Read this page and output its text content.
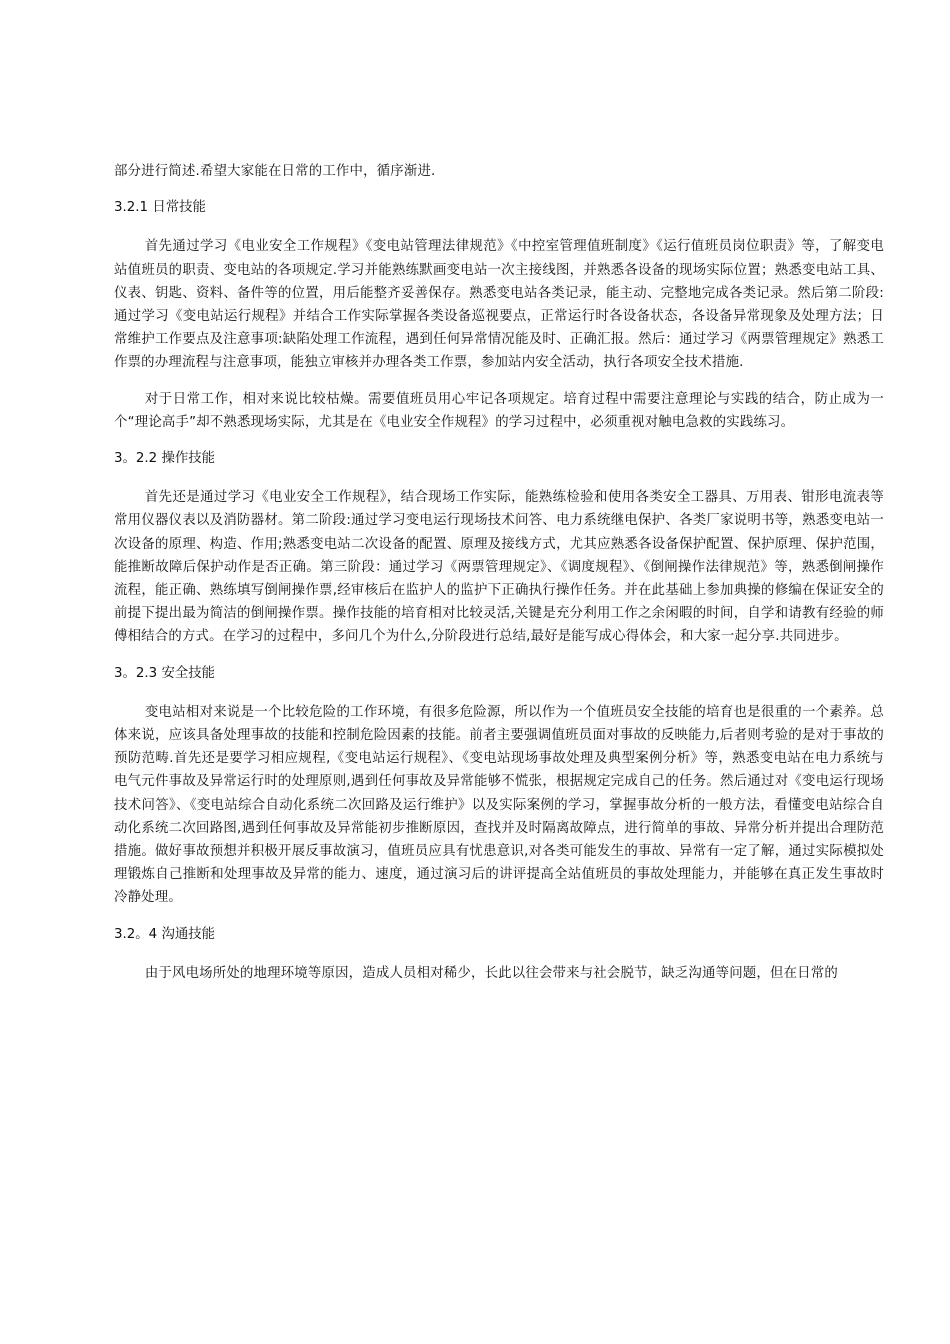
部分进行简述.希望大家能在日常的工作中，循序渐进.

3.2.1 日常技能

首先通过学习《电业安全工作规程》《变电站管理法律规范》《中控室管理值班制度》《运行值班员岗位职责》等，了解变电站值班员的职责、变电站的各项规定.学习并能熟练默画变电站一次主接线图，并熟悉各设备的现场实际位置；熟悉变电站工具、仪表、钥匙、资料、备件等的位置，用后能整齐妥善保存。熟悉变电站各类记录，能主动、完整地完成各类记录。然后第二阶段:通过学习《变电站运行规程》并结合工作实际掌握各类设备巡视要点，正常运行时各设备状态，各设备异常现象及处理方法；日常维护工作要点及注意事项:缺陷处理工作流程，遇到任何异常情况能及时、正确汇报。然后：通过学习《两票管理规定》熟悉工作票的办理流程与注意事项，能独立审核并办理各类工作票，参加站内安全活动，执行各项安全技术措施.

对于日常工作，相对来说比较枯燥。需要值班员用心牢记各项规定。培育过程中需要注意理论与实践的结合，防止成为一个“理论高手”却不熟悉现场实际，尤其是在《电业安全作规程》的学习过程中，必须重视对触电急救的实践练习。

3。2.2 操作技能

首先还是通过学习《电业安全工作规程》，结合现场工作实际，能熟练检验和使用各类安全工器具、万用表、钳形电流表等常用仪器仪表以及消防器材。第二阶段:通过学习变电运行现场技术问答、电力系统继电保护、各类厂家说明书等，熟悉变电站一次设备的原理、构造、作用;熟悉变电站二次设备的配置、原理及接线方式，尤其应熟悉各设备保护配置、保护原理、保护范围，能推断故障后保护动作是否正确。第三阶段：通过学习《两票管理规定》、《调度规程》、《倒闸操作法律规范》等，熟悉倒闸操作流程，能正确、熟练填写倒闸操作票,经审核后在监护人的监护下正确执行操作任务。并在此基础上参加典操的修编在保证安全的前提下提出最为简洁的倒闸操作票。操作技能的培育相对比较灵活,关键是充分利用工作之余闲暇的时间，自学和请教有经验的师傅相结合的方式。在学习的过程中，多问几个为什么,分阶段进行总结,最好是能写成心得体会，和大家一起分享.共同进步。

3。2.3 安全技能

变电站相对来说是一个比较危险的工作环境，有很多危险源，所以作为一个值班员安全技能的培育也是很重的一个素养。总体来说，应该具备处理事故的技能和控制危险因素的技能。前者主要强调值班员面对事故的反映能力,后者则考验的是对于事故的预防范畴.首先还是要学习相应规程,《变电站运行规程》、《变电站现场事故处理及典型案例分析》等，熟悉变电站在电力系统与电气元件事故及异常运行时的处理原则,遇到任何事故及异常能够不慌张，根据规定完成自己的任务。然后通过对《变电运行现场技术问答》、《变电站综合自动化系统二次回路及运行维护》以及实际案例的学习，掌握事故分析的一般方法，看懂变电站综合自动化系统二次回路图,遇到任何事故及异常能初步推断原因，查找并及时隔离故障点，进行简单的事故、异常分析并提出合理防范措施。做好事故预想并积极开展反事故演习，值班员应具有忧患意识,对各类可能发生的事故、异常有一定了解，通过实际模拟处理锻炼自己推断和处理事故及异常的能力、速度，通过演习后的讲评提高全站值班员的事故处理能力，并能够在真正发生事故时冷静处理。

3.2。4 沟通技能

由于风电场所处的地理环境等原因，造成人员相对稀少，长此以往会带来与社会脱节，缺乏沟通等问题，但在日常的
